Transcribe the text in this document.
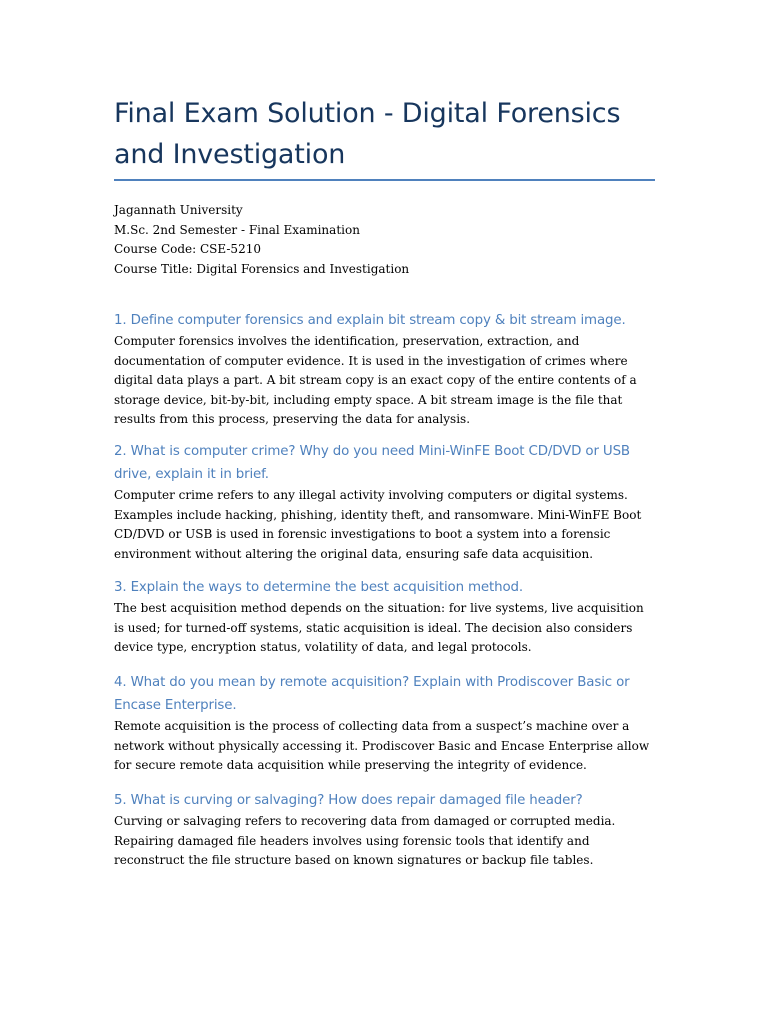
Final Exam Solution - Digital Forensics and Investigation
Jagannath University
M.Sc. 2nd Semester - Final Examination
Course Code: CSE-5210
Course Title: Digital Forensics and Investigation
1. Define computer forensics and explain bit stream copy & bit stream image.

Computer forensics involves the identification, preservation, extraction, and documentation of computer evidence. It is used in the investigation of crimes where digital data plays a part. A bit stream copy is an exact copy of the entire contents of a storage device, bit-by-bit, including empty space. A bit stream image is the file that results from this process, preserving the data for analysis.

2. What is computer crime? Why do you need Mini-WinFE Boot CD/DVD or USB drive, explain it in brief.

Computer crime refers to any illegal activity involving computers or digital systems. Examples include hacking, phishing, identity theft, and ransomware. Mini-WinFE Boot CD/DVD or USB is used in forensic investigations to boot a system into a forensic environment without altering the original data, ensuring safe data acquisition.

3. Explain the ways to determine the best acquisition method.

The best acquisition method depends on the situation: for live systems, live acquisition is used; for turned-off systems, static acquisition is ideal. The decision also considers device type, encryption status, volatility of data, and legal protocols.

4. What do you mean by remote acquisition? Explain with Prodiscover Basic or Encase Enterprise.

Remote acquisition is the process of collecting data from a suspect’s machine over a network without physically accessing it. Prodiscover Basic and Encase Enterprise allow for secure remote data acquisition while preserving the integrity of evidence.

5. What is curving or salvaging? How does repair damaged file header?

Curving or salvaging refers to recovering data from damaged or corrupted media. Repairing damaged file headers involves using forensic tools that identify and reconstruct the file structure based on known signatures or backup file tables.
